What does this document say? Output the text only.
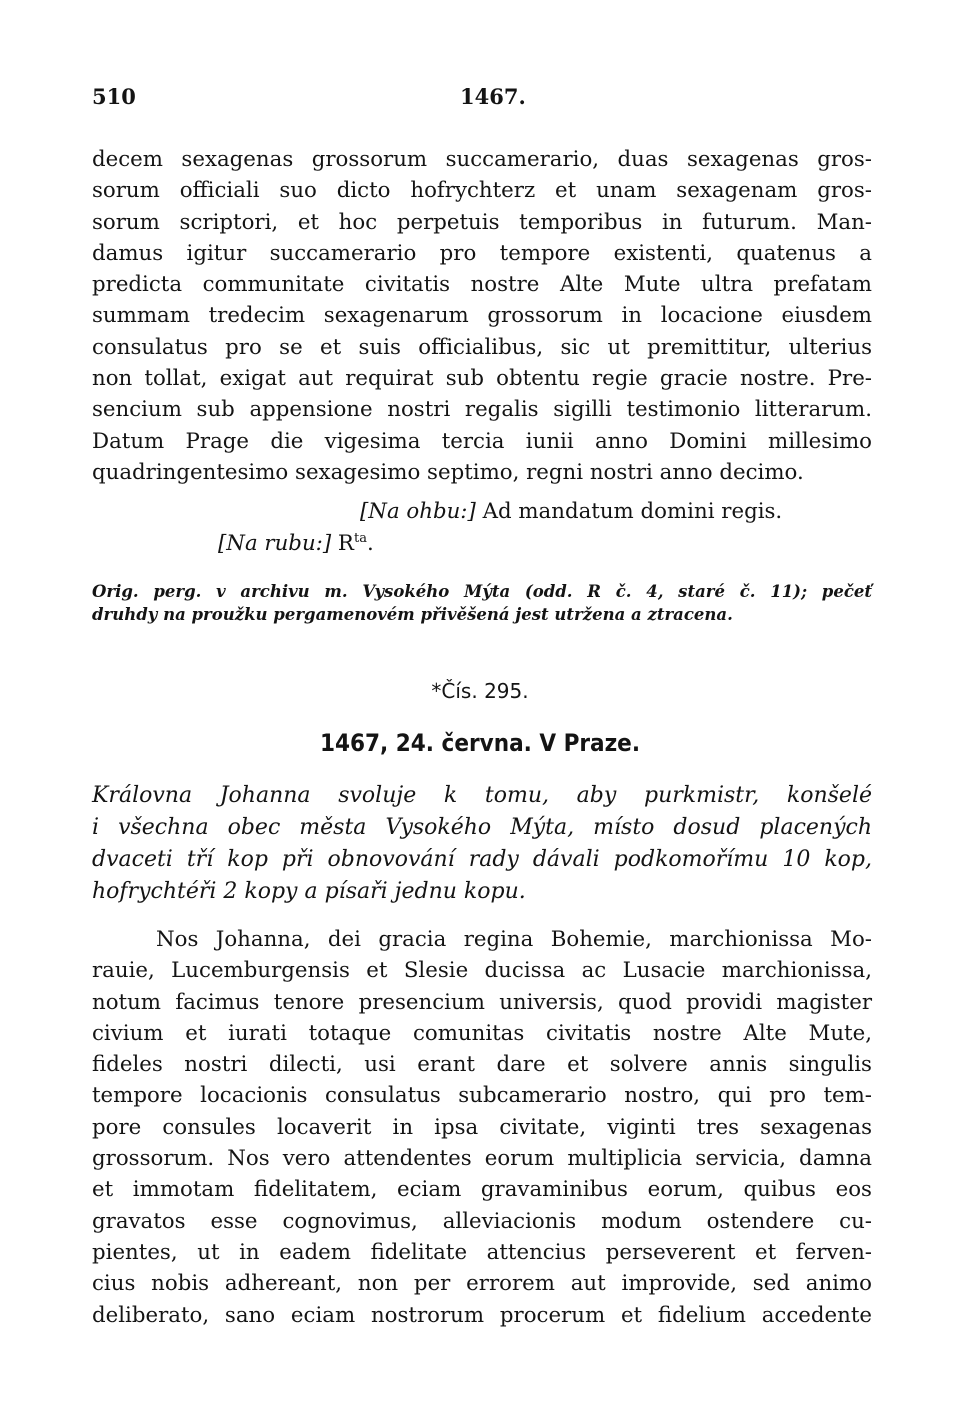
510	1467.
decem sexagenas grossorum succamerario, duas sexagenas gros-
sorum officiali suo dicto hofrychterz et unam sexagenam gros-
sorum scriptori, et hoc perpetuis temporibus in futurum. Man-
damus igitur succamerario pro tempore existenti, quatenus a
predicta communitate civitatis nostre Alte Mute ultra prefatam
summam tredecim sexagenarum grossorum in locacione eiusdem
consulatus pro se et suis officialibus, sic ut premittitur, ulterius
non tollat, exigat aut requirat sub obtentu regie gracie nostre. Pre-
sencium sub appensione nostri regalis sigilli testimonio litterarum.
Datum Prage die vigesima tercia iunii anno Domini millesimo
quadringentesimo sexagesimo septimo, regni nostri anno decimo.
[Na ohbu:] Ad mandatum domini regis.
[Na rubu:] $R^{ta}$.
Orig. perg. v archivu m. Vysokého Mýta (odd. R č. 4, staré č. 11); pečeť
druhdy na proužku pergamenovém přivěšená jest utržena a ztracena.
*Čís. 295.
1467, 24. června. V Praze.
Královna Johanna svoluje k tomu, aby purkmistr, konšelé
i všechna obec města Vysokého Mýta, místo dosud placených
dvaceti tří kop při obnovování rady dávali podkomořímu 10 kop,
hofrychtéři 2 kopy a písaři jednu kopu.
Nos Johanna, dei gracia regina Bohemie, marchionissa Mo-
rauie, Lucemburgensis et Slesie ducissa ac Lusacie marchionissa,
notum facimus tenore presencium universis, quod providi magister
civium et iurati totaque comunitas civitatis nostre Alte Mute,
fideles nostri dilecti, usi erant dare et solvere annis singulis
tempore locacionis consulatus subcamerario nostro, qui pro tem-
pore consules locaverit in ipsa civitate, viginti tres sexagenas
grossorum. Nos vero attendentes eorum multiplicia servicia, damna
et immotam fidelitatem, eciam gravaminibus eorum, quibus eos
gravatos esse cognovimus, alleviacionis modum ostendere cu-
pientes, ut in eadem fidelitate attencius perseverent et ferven-
cius nobis adhereant, non per errorem aut improvide, sed animo
deliberato, sano eciam nostrorum procerum et fidelium accedente
